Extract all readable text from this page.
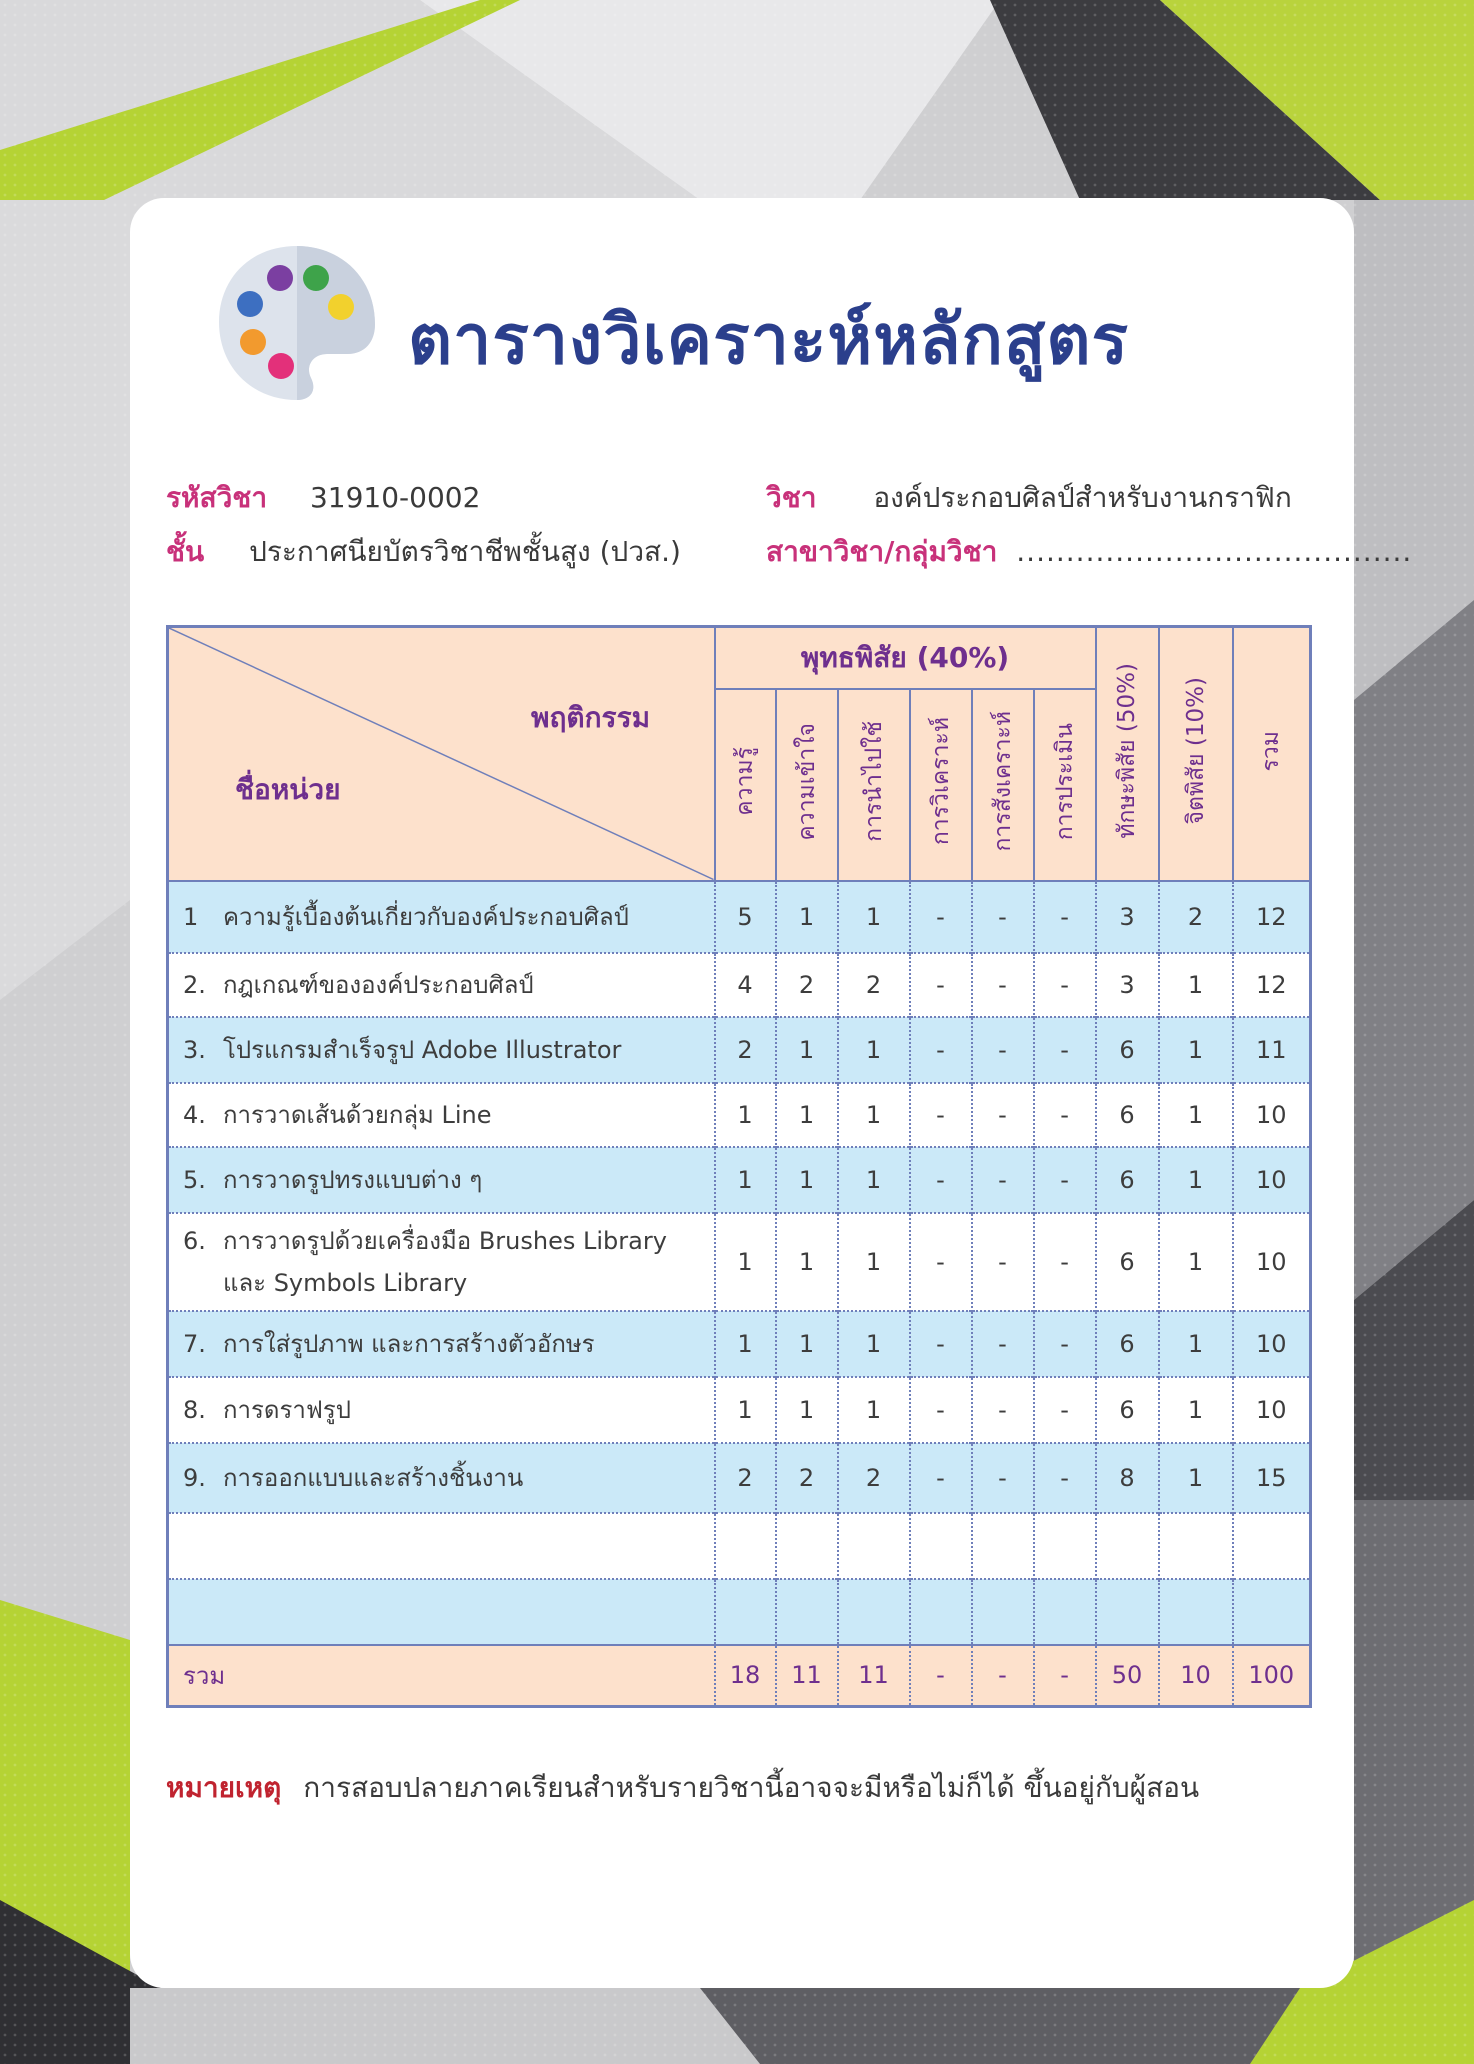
ตารางวิเคราะห์หลักสูตร
รหัสวิชา 31910-0002	วิชา องค์ประกอบศิลป์สำหรับงานกราฟิก
ชั้น ประกาศนียบัตรวิชาชีพชั้นสูง (ปวส.)	สาขาวิชา/กลุ่มวิชา ........................................
พฤติกรรม
ชื่อหน่วย	พุทธพิสัย (40%)						ทักษะพิสัย (50%)	จิตพิสัย (10%)	รวม
	ความรู้	ความเข้าใจ	การนำไปใช้	การวิเคราะห์	การสังเคราะห์	การประเมิน			
1 ความรู้เบื้องต้นเกี่ยวกับองค์ประกอบศิลป์	5	1	1	-	-	-	3	2	12
2. กฎเกณฑ์ขององค์ประกอบศิลป์	4	2	2	-	-	-	3	1	12
3. โปรแกรมสำเร็จรูป Adobe Illustrator	2	1	1	-	-	-	6	1	11
4. การวาดเส้นด้วยกลุ่ม Line	1	1	1	-	-	-	6	1	10
5. การวาดรูปทรงแบบต่าง ๆ	1	1	1	-	-	-	6	1	10
6. การวาดรูปด้วยเครื่องมือ Brushes Library
และ Symbols Library	1	1	1	-	-	-	6	1	10
7. การใส่รูปภาพ และการสร้างตัวอักษร	1	1	1	-	-	-	6	1	10
8. การดราฟรูป	1	1	1	-	-	-	6	1	10
9. การออกแบบและสร้างชิ้นงาน	2	2	2	-	-	-	8	1	15

รวม	18	11	11	-	-	-	50	10	100
หมายเหตุ การสอบปลายภาคเรียนสำหรับรายวิชานี้อาจจะมีหรือไม่ก็ได้ ขึ้นอยู่กับผู้สอน
